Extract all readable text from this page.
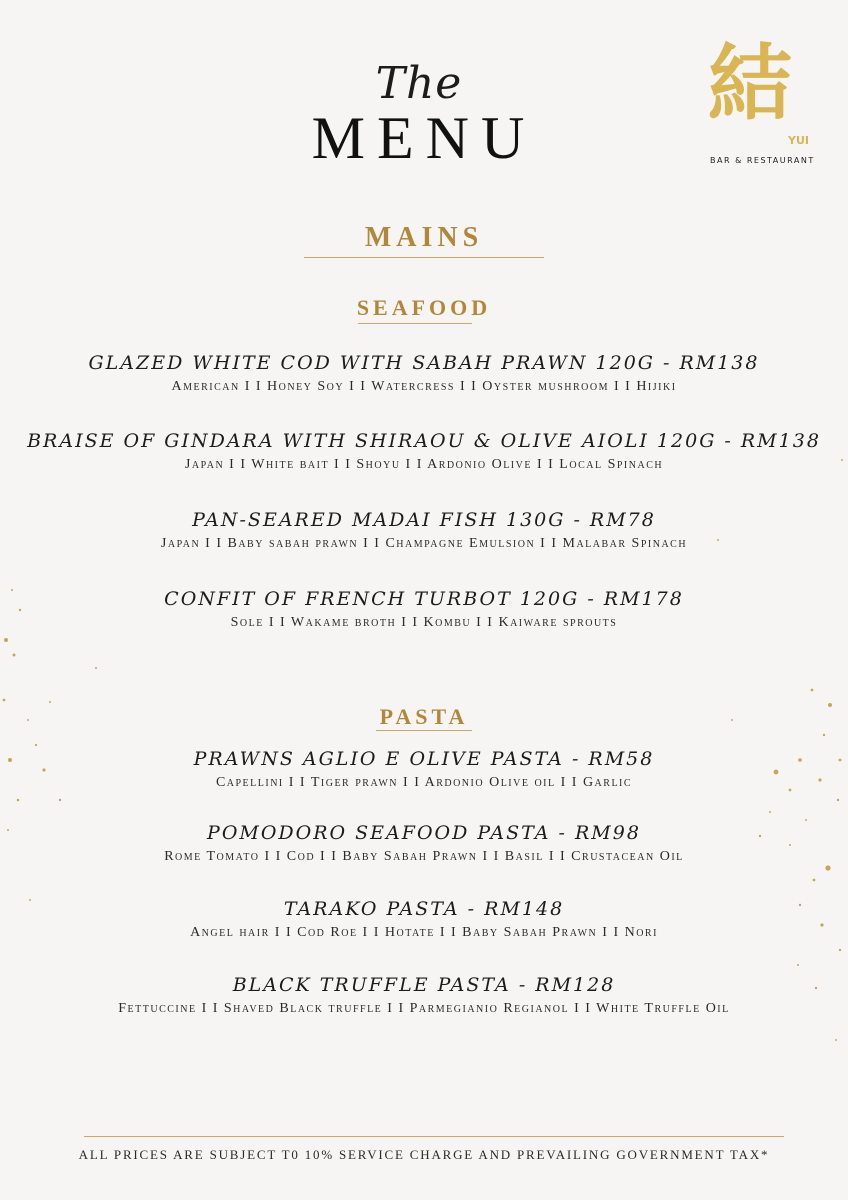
The
MENU
結
YUI
BAR & RESTAURANT
MAINS
SEAFOOD
GLAZED WHITE COD WITH SABAH PRAWN 120G - RM138
American I I Honey Soy I I Watercress I I Oyster mushroom I I Hijiki
BRAISE OF GINDARA WITH SHIRAOU & OLIVE AIOLI 120G - RM138
Japan I I White bait I I Shoyu I I Ardonio Olive I I Local Spinach
PAN-SEARED MADAI FISH 130G - RM78
Japan I I Baby sabah prawn I I Champagne Emulsion I I Malabar Spinach
CONFIT OF FRENCH TURBOT 120G - RM178
Sole I I Wakame broth I I Kombu I I Kaiware sprouts
PASTA
PRAWNS AGLIO E OLIVE PASTA - RM58
Capellini I I Tiger prawn I I Ardonio Olive oil I I Garlic
POMODORO SEAFOOD PASTA - RM98
Rome Tomato I I Cod I I Baby Sabah Prawn I I Basil I I Crustacean Oil
TARAKO PASTA - RM148
Angel hair I I Cod Roe I I Hotate I I Baby Sabah Prawn I I Nori
BLACK TRUFFLE PASTA - RM128
Fettuccine I I Shaved Black truffle I I Parmegianio Regianol I I White Truffle Oil
ALL PRICES ARE SUBJECT T0 10% SERVICE CHARGE AND PREVAILING GOVERNMENT TAX*
